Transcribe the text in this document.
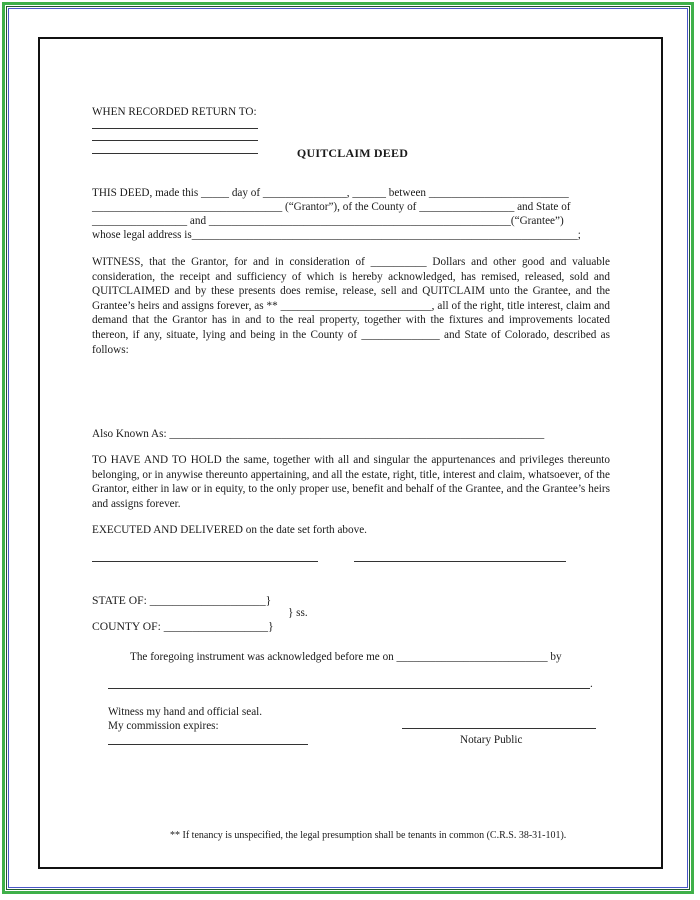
WHEN RECORDED RETURN TO:
QUITCLAIM DEED
THIS DEED, made this _____ day of _______________, ______ between _________________________
__________________________________ (“Grantor”), of the County of _________________ and State of
_________________ and ______________________________________________________(“Grantee”)
whose legal address is_____________________________________________________________________;
WITNESS, that the Grantor, for and in consideration of __________ Dollars and other good and valuable consideration, the receipt and sufficiency of which is hereby acknowledged, has remised, released, sold and QUITCLAIMED and by these presents does remise, release, sell and QUITCLAIM unto the Grantee, and the Grantee’s heirs and assigns forever, as ** ___________________________, all of the right, title interest, claim and demand that the Grantor has in and to the real property, together with the fixtures and improvements located thereon, if any, situate, lying and being in the County of ______________ and State of Colorado, described as follows:
Also Known As: ___________________________________________________________________
TO HAVE AND TO HOLD the same, together with all and singular the appurtenances and privileges thereunto belonging, or in anywise thereunto appertaining, and all the estate, right, title, interest and claim, whatsoever, of the Grantor, either in law or in equity, to the only proper use, benefit and behalf of the Grantee, and the Grantee’s heirs and assigns forever.
EXECUTED AND DELIVERED on the date set forth above.
STATE OF: ____________________}
} ss.
COUNTY OF: __________________}
The foregoing instrument was acknowledged before me on ___________________________ by
.
Witness my hand and official seal.
My commission expires:
Notary Public
** If tenancy is unspecified, the legal presumption shall be tenants in common (C.R.S. 38-31-101).
